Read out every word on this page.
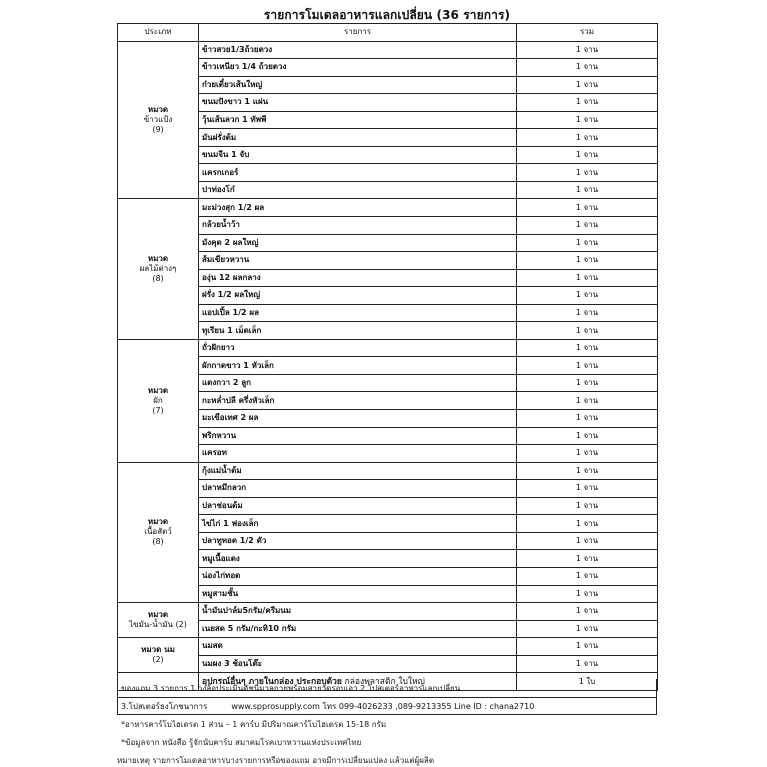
รายการโมเดลอาหารแลกเปลี่ยน (36 รายการ)
ประเภท	รายการ	รวม

หมวด
ข้าวแป้ง
(9)	ข้าวสวย1/3ถ้วยตวง	1 จาน
	ข้าวเหนียว 1/4 ถ้วยตวง	1 จาน
	ก๋วยเตี๋ยวเส้นใหญ่	1 จาน
	ขนมปังขาว 1 แผ่น	1 จาน
	วุ้นเส้นลวก 1 ทัพพี	1 จาน
	มันฝรั่งต้ม	1 จาน
	ขนมจีน 1 จับ	1 จาน
	แครกเกอร์	1 จาน
	ปาท่องโก๋	1 จาน

หมวด
ผลไม้ต่างๆ
(8)	มะม่วงสุก 1/2 ผล	1 จาน
	กล้วยน้ำว้า	1 จาน
	มังคุด 2 ผลใหญ่	1 จาน
	ส้มเขียวหวาน	1 จาน
	องุ่น 12 ผลกลาง	1 จาน
	ฝรั่ง 1/2 ผลใหญ่	1 จาน
	แอปเปิ้ล 1/2 ผล	1 จาน
	ทุเรียน 1 เม็ดเล็ก	1 จาน

หมวด
ผัก
(7)	ถั่วฝักยาว	1 จาน
	ผักกาดขาว 1 หัวเล็ก	1 จาน
	แตงกวา 2 ลูก	1 จาน
	กะหล่ำปลี ครึ่งหัวเล็ก	1 จาน
	มะเขือเทศ 2 ผล	1 จาน
	พริกหวาน	1 จาน
	แครอท	1 จาน

หมวด
เนื้อสัตว์
(8)	กุ้งแม่น้ำต้ม	1 จาน
	ปลาหมึกลวก	1 จาน
	ปลาช่อนต้ม	1 จาน
	ไข่ไก่ 1 ฟองเล็ก	1 จาน
	ปลาทูทอด 1/2 ตัว	1 จาน
	หมูเนื้อแดง	1 จาน
	น่องไก่ทอด	1 จาน
	หมูสามชั้น	1 จาน

หมวด
ไขมัน-น้ำมัน (2)	น้ำมันปาล์ม5กรัม/ครีมนม	1 จาน
	เนยสด 5 กรัม/กะทิ10 กรัม	1 จาน

หมวด นม
(2)	นมสด	1 จาน
	นมผง 3 ช้อนโต๊ะ	1 จาน
	อุปกรณ์อื่นๆ ภายในกล่อง ประกอบด้วย กล่องพลาสติก ใบใหญ่	1 ใบ
ของแถม 3 รายการ 1.วงล้อประเมินดัชนีมวลกายพร้อมสายวัดรอบเอว 2.โปสเตอร์อาหารแลกเปลี่ยน
3.โปสเตอร์ธงโภชนาการ	www.spprosupply.com โทร 099-4026233 ,089-9213355 Line ID : chana2710
*อาหารคาร์โบไฮเดรต 1 ส่วน – 1 คาร์บ มีปริมาณคาร์โบไฮเดรต 15-18 กรัม
*ข้อมูลจาก หนังสือ รู้จักนับคาร์บ สมาคมโรคเบาหวานแห่งประเทศไทย
หมายเหตุ รายการโมเดลอาหารบางรายการหรือของแถม อาจมีการเปลี่ยนแปลง แล้วแต่ผู้ผลิต
